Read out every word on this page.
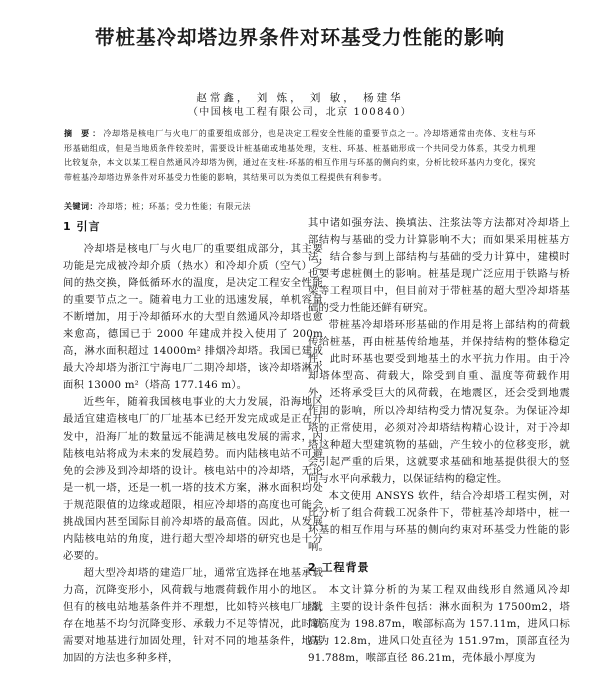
带桩基冷却塔边界条件对环基受力性能的影响
赵常鑫， 刘 炼， 刘 敏， 杨建华
（中国核电工程有限公司，北京 100840）
摘 要：冷却塔是核电厂与火电厂的重要组成部分，也是决定工程安全性能的重要节点之一。冷却塔通常由壳体、支柱与环形基础组成，但是当地质条件较差时，需要设计桩基础或地基处理，支柱、环基、桩基础形成一个共同受力体系，其受力机理比较复杂，本文以某工程自然通风冷却塔为例，通过在支柱-环基的相互作用与环基的侧向约束，分析比较环基内力变化，探究带桩基冷却塔边界条件对环基受力性能的影响，其结果可以为类似工程提供有利参考。
关键词：冷却塔；桩；环基；受力性能；有限元法
1 引言

冷却塔是核电厂与火电厂的重要组成部分，其主要功能是完成被冷却介质（热水）和冷却介质（空气）之间的热交换，降低循环水的温度，是决定工程安全性能的重要节点之一。随着电力工业的迅速发展，单机容量不断增加，用于冷却循环水的大型自然通风冷却塔也愈来愈高，德国已于 2000 年建成并投入使用了 200m 高，淋水面积超过 14000m² 排烟冷却塔。我国已建成最大冷却塔为浙江宁海电厂二期冷却塔，该冷却塔淋水面积 13000 m²（塔高 177.146 m）。

近些年，随着我国核电事业的大力发展，沿海地区最适宜建造核电厂的厂址基本已经开发完成或是正在开发中，沿海厂址的数量远不能满足核电发展的需求，内陆核电站将成为未来的发展趋势。而内陆核电站不可避免的会涉及到冷却塔的设计。核电站中的冷却塔，无论是一机一塔，还是一机一塔的技术方案，淋水面积均处于规范限值的边缘或超限，相应冷却塔的高度也可能会挑战国内甚至国际目前冷却塔的最高值。因此，从发展内陆核电站的角度，进行超大型冷却塔的研究也是十分必要的。

超大型冷却塔的建造厂址，通常宜选择在地基承载力高，沉降变形小，风荷载与地震荷载作用小的地区。但有的核电站地基条件并不理想，比如特兴核电厂址就存在地基不均匀沉降变形、承载力不足等情况，此时就需要对地基进行加固处理，针对不同的地基条件，地基加固的方法也多种多样，

其中诸如强夯法、换填法、注浆法等方法都对冷却塔上部结构与基础的受力计算影响不大；而如果采用桩基方法，结合参与到上部结构与基础的受力计算中，建模时也要考虑桩侧土的影响。桩基是现广泛应用于铁路与桥梁等工程项目中，但目前对于带桩基的超大型冷却塔基础的受力性能还鲜有研究。

带桩基冷却塔环形基础的作用是将上部结构的荷载传给桩基，再由桩基传给地基，并保持结构的整体稳定性，此时环基也要受到地基土的水平抗力作用。由于冷却塔体型高、荷载大，除受到自重、温度等荷载作用外，还将承受巨大的风荷载，在地震区，还会受到地震作用的影响，所以冷却结构受力情况复杂。为保证冷却塔的正常使用，必须对冷却塔结构精心设计，对于冷却塔这种超大型建筑物的基础，产生较小的位移变形，就会引起严重的后果，这就要求基础和地基提供很大的竖向与水平向承载力，以保证结构的稳定性。

本文使用 ANSYS 软件，结合冷却塔工程实例，对比分析了组合荷载工况条件下，带桩基冷却塔中，桩一环基的相互作用与环基的侧向约束对环基受力性能的影响。

2 工程背景

本文计算分析的为某工程双曲线形自然通风冷却塔，主要的设计条件包括：淋水面积为 17500m2，塔筒高度为 198.87m，喉部标高为 157.11m，进风口标高为 12.8m，进风口处直径为 151.97m，顶部直径为 91.788m，喉部直径 86.21m，壳体最小厚度为
